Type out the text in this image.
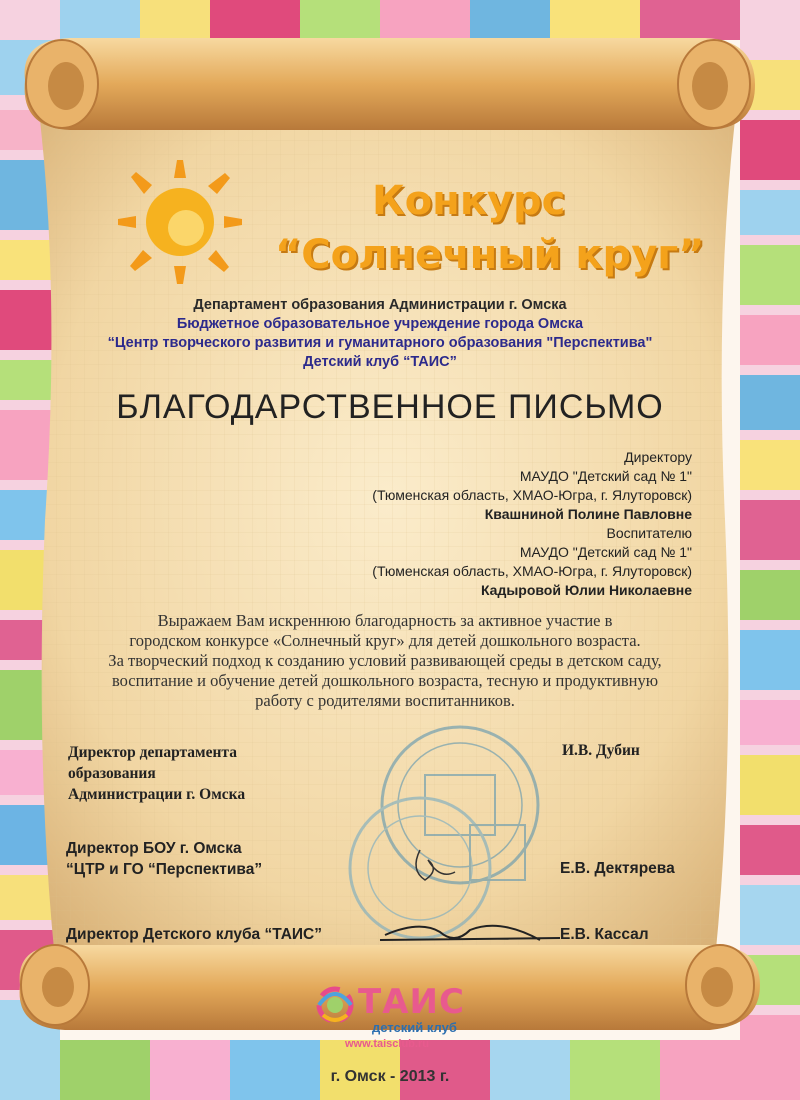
Конкурс
“Солнечный круг”
Департамент образования Администрации г. Омска
Бюджетное образовательное учреждение города Омска
“Центр творческого развития и гуманитарного образования "Перспектива"
Детский клуб “ТАИС”
БЛАГОДАРСТВЕННОЕ ПИСЬМО
Директору
МАУДО "Детский сад № 1"
(Тюменская область, ХМАО-Югра, г. Ялуторовск)
Квашниной Полине Павловне
Воспитателю
МАУДО "Детский сад № 1"
(Тюменская область, ХМАО-Югра, г. Ялуторовск)
Кадыровой Юлии Николаевне
Выражаем Вам искреннюю благодарность за активное участие в
городском конкурсе «Солнечный круг» для детей дошкольного возраста.
За творческий подход к созданию условий развивающей среды в детском саду,
воспитание и обучение детей дошкольного возраста, тесную и продуктивную
работу с родителями воспитанников.
Директор департамента
образования
Администрации г. Омска
И.В. Дубин
Директор БОУ г. Омска
“ЦТР и ГО “Перспектива”	Е.В. Дектярева
Директор Детского клуба “ТАИС”	Е.В. Кассал
ТАИС
детский клуб
www.taisclub.ru
г. Омск - 2013 г.
